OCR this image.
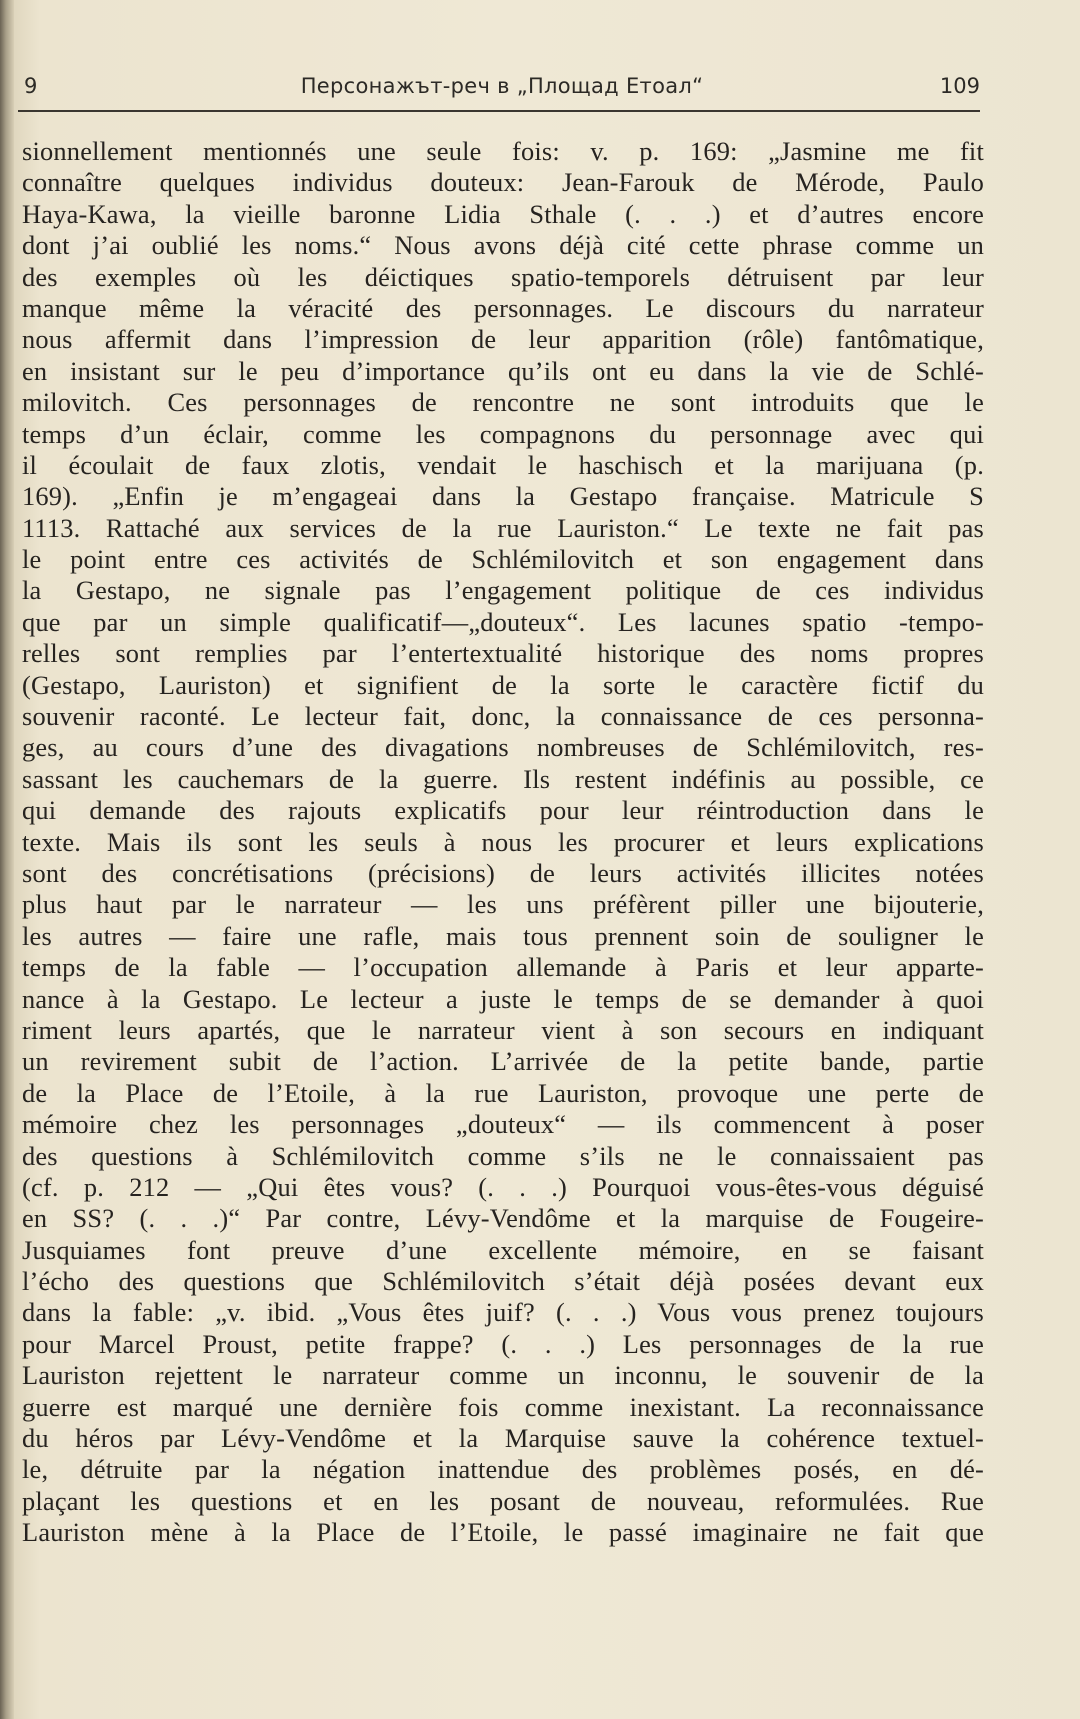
9	Персонажът-реч в „Площад Етоал“	109
sionnellement mentionnés une seule fois: v. p. 169: „Jasmine me fit
connaître quelques individus douteux: Jean-Farouk de Mérode, Paulo
Haya-Kawa, la vieille baronne Lidia Sthale (. . .) et d’autres encore
dont j’ai oublié les noms.“ Nous avons déjà cité cette phrase comme un
des exemples où les déictiques spatio-temporels détruisent par leur
manque même la véracité des personnages. Le discours du narrateur
nous affermit dans l’impression de leur apparition (rôle) fantômatique,
en insistant sur le peu d’importance qu’ils ont eu dans la vie de Schlé-
milovitch. Ces personnages de rencontre ne sont introduits que le
temps d’un éclair, comme les compagnons du personnage avec qui
il écoulait de faux zlotis, vendait le haschisch et la marijuana (p.
169). „Enfin je m’engageai dans la Gestapo française. Matricule S
1113. Rattaché aux services de la rue Lauriston.“ Le texte ne fait pas
le point entre ces activités de Schlémilovitch et son engagement dans
la Gestapo, ne signale pas l’engagement politique de ces individus
que par un simple qualificatif—„douteux“. Les lacunes spatio -tempo-
relles sont remplies par l’entertextualité historique des noms propres
(Gestapo, Lauriston) et signifient de la sorte le caractère fictif du
souvenir raconté. Le lecteur fait, donc, la connaissance de ces personna-
ges, au cours d’une des divagations nombreuses de Schlémilovitch, res-
sassant les cauchemars de la guerre. Ils restent indéfinis au possible, ce
qui demande des rajouts explicatifs pour leur réintroduction dans le
texte. Mais ils sont les seuls à nous les procurer et leurs explications
sont des concrétisations (précisions) de leurs activités illicites notées
plus haut par le narrateur — les uns préfèrent piller une bijouterie,
les autres — faire une rafle, mais tous prennent soin de souligner le
temps de la fable — l’occupation allemande à Paris et leur apparte-
nance à la Gestapo. Le lecteur a juste le temps de se demander à quoi
riment leurs apartés, que le narrateur vient à son secours en indiquant
un revirement subit de l’action. L’arrivée de la petite bande, partie
de la Place de l’Etoile, à la rue Lauriston, provoque une perte de
mémoire chez les personnages „douteux“ — ils commencent à poser
des questions à Schlémilovitch comme s’ils ne le connaissaient pas
(cf. p. 212 — „Qui êtes vous? (. . .) Pourquoi vous-êtes-vous déguisé
en SS? (. . .)“ Par contre, Lévy-Vendôme et la marquise de Fougeire-
Jusquiames font preuve d’une excellente mémoire, en se faisant
l’écho des questions que Schlémilovitch s’était déjà posées devant eux
dans la fable: „v. ibid. „Vous êtes juif? (. . .) Vous vous prenez toujours
pour Marcel Proust, petite frappe? (. . .) Les personnages de la rue
Lauriston rejettent le narrateur comme un inconnu, le souvenir de la
guerre est marqué une dernière fois comme inexistant. La reconnaissance
du héros par Lévy-Vendôme et la Marquise sauve la cohérence textuel-
le, détruite par la négation inattendue des problèmes posés, en dé-
plaçant les questions et en les posant de nouveau, reformulées. Rue
Lauriston mène à la Place de l’Etoile, le passé imaginaire ne fait que
